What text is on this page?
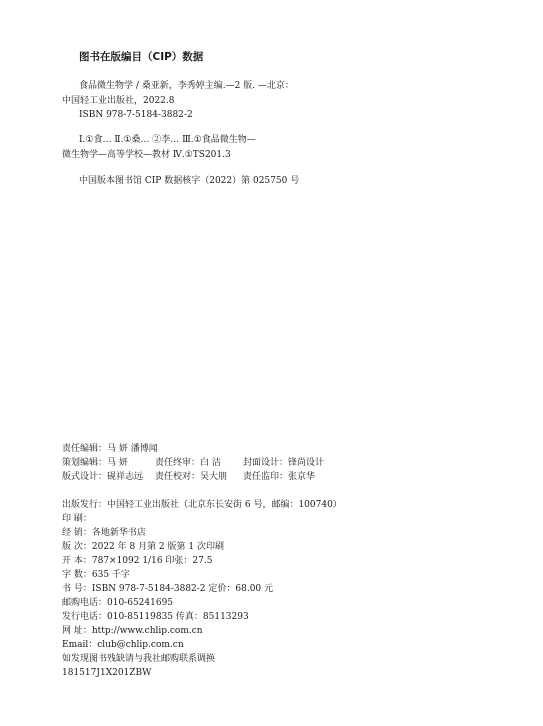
图书在版编目（CIP）数据
食品微生物学 / 桑亚新，李秀婷主编.—2 版. —北京：
中国轻工业出版社，2022.8
ISBN 978-7-5184-3882-2
Ⅰ.①食… Ⅱ.①桑… ②李… Ⅲ.①食品微生物—
微生物学—高等学校—教材 Ⅳ.①TS201.3
中国版本图书馆 CIP 数据核字（2022）第 025750 号
责任编辑：马 妍 潘博闻
策划编辑：马 妍	责任终审：白 洁 封面设计：锋尚设计
版式设计：砚祥志远 责任校对：吴大朋 责任监印：张京华
出版发行：中国轻工业出版社（北京东长安街 6 号，邮编：100740）
印 刷：
经 销：各地新华书店
版 次：2022 年 8 月第 2 版第 1 次印刷
开 本：787×1092 1/16 印张：27.5
字 数：635 千字
书 号：ISBN 978-7-5184-3882-2 定价：68.00 元
邮购电话：010-65241695
发行电话：010-85119835 传真：85113293
网 址：http://www.chlip.com.cn
Email：club@chlip.com.cn
如发现图书残缺请与我社邮购联系调换
181517J1X201ZBW
